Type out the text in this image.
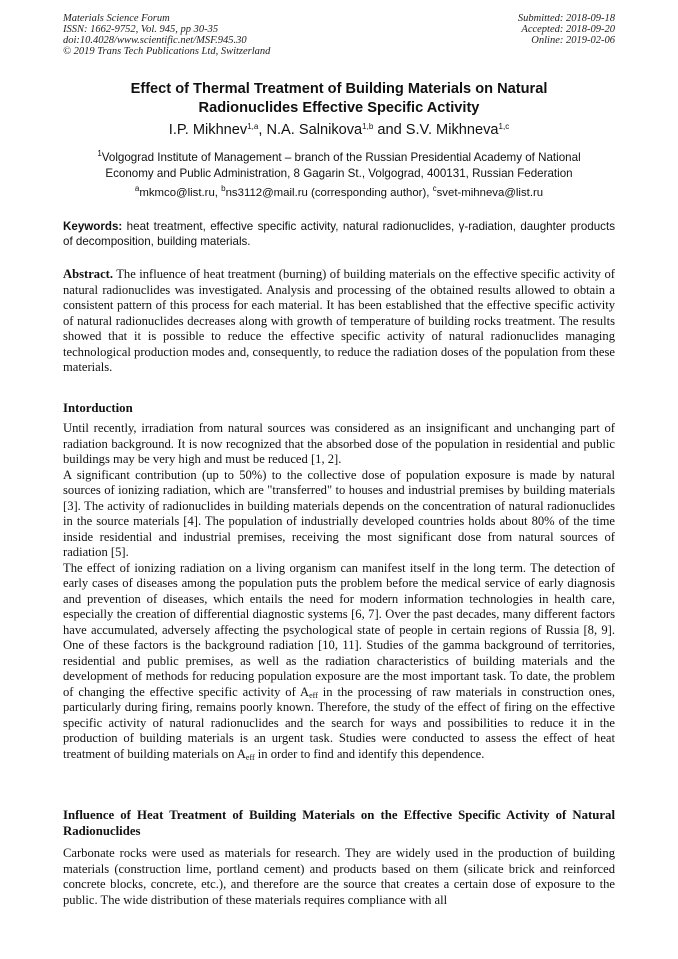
Materials Science Forum
ISSN: 1662-9752, Vol. 945, pp 30-35
doi:10.4028/www.scientific.net/MSF.945.30
© 2019 Trans Tech Publications Ltd, Switzerland
Submitted: 2018-09-18
Accepted: 2018-09-20
Online: 2019-02-06
Effect of Thermal Treatment of Building Materials on Natural
Radionuclides Effective Specific Activity
I.P. Mikhnev$^{1,a}$, N.A. Salnikova$^{1,b}$ and S.V. Mikhneva$^{1,c}$
$^1$Volgograd Institute of Management – branch of the Russian Presidential Academy of National
Economy and Public Administration, 8 Gagarin St., Volgograd, 400131, Russian Federation
$^a$mkmco@list.ru, $^b$ns3112@mail.ru (corresponding author), $^c$svet-mihneva@list.ru
Keywords: heat treatment, effective specific activity, natural radionuclides, γ-radiation, daughter products of decomposition, building materials.
Abstract. The influence of heat treatment (burning) of building materials on the effective specific activity of natural radionuclides was investigated. Analysis and processing of the obtained results allowed to obtain a consistent pattern of this process for each material. It has been established that the effective specific activity of natural radionuclides decreases along with growth of temperature of building rocks treatment. The results showed that it is possible to reduce the effective specific activity of natural radionuclides managing technological production modes and, consequently, to reduce the radiation doses of the population from these materials.
Intorduction

Until recently, irradiation from natural sources was considered as an insignificant and unchanging part of radiation background. It is now recognized that the absorbed dose of the population in residential and public buildings may be very high and must be reduced [1, 2].

A significant contribution (up to 50%) to the collective dose of population exposure is made by natural sources of ionizing radiation, which are "transferred" to houses and industrial premises by building materials [3]. The activity of radionuclides in building materials depends on the concentration of natural radionuclides in the source materials [4]. The population of industrially developed countries holds about 80% of the time inside residential and industrial premises, receiving the most significant dose from natural sources of radiation [5].

The effect of ionizing radiation on a living organism can manifest itself in the long term. The detection of early cases of diseases among the population puts the problem before the medical service of early diagnosis and prevention of diseases, which entails the need for modern information technologies in health care, especially the creation of differential diagnostic systems [6, 7]. Over the past decades, many different factors have accumulated, adversely affecting the psychological state of people in certain regions of Russia [8, 9]. One of these factors is the background radiation [10, 11]. Studies of the gamma background of territories, residential and public premises, as well as the radiation characteristics of building materials and the development of methods for reducing population exposure are the most important task. To date, the problem of changing the effective specific activity of $A_{eff}$ in the processing of raw materials in construction ones, particularly during firing, remains poorly known. Therefore, the study of the effect of firing on the effective specific activity of natural radionuclides and the search for ways and possibilities to reduce it in the production of building materials is an urgent task. Studies were conducted to assess the effect of heat treatment of building materials on $A_{eff}$ in order to find and identify this dependence.

Influence of Heat Treatment of Building Materials on the Effective Specific Activity of Natural Radionuclides

Carbonate rocks were used as materials for research. They are widely used in the production of building materials (construction lime, portland cement) and products based on them (silicate brick and reinforced concrete blocks, concrete, etc.), and therefore are the source that creates a certain dose of exposure to the public. The wide distribution of these materials requires compliance with all
